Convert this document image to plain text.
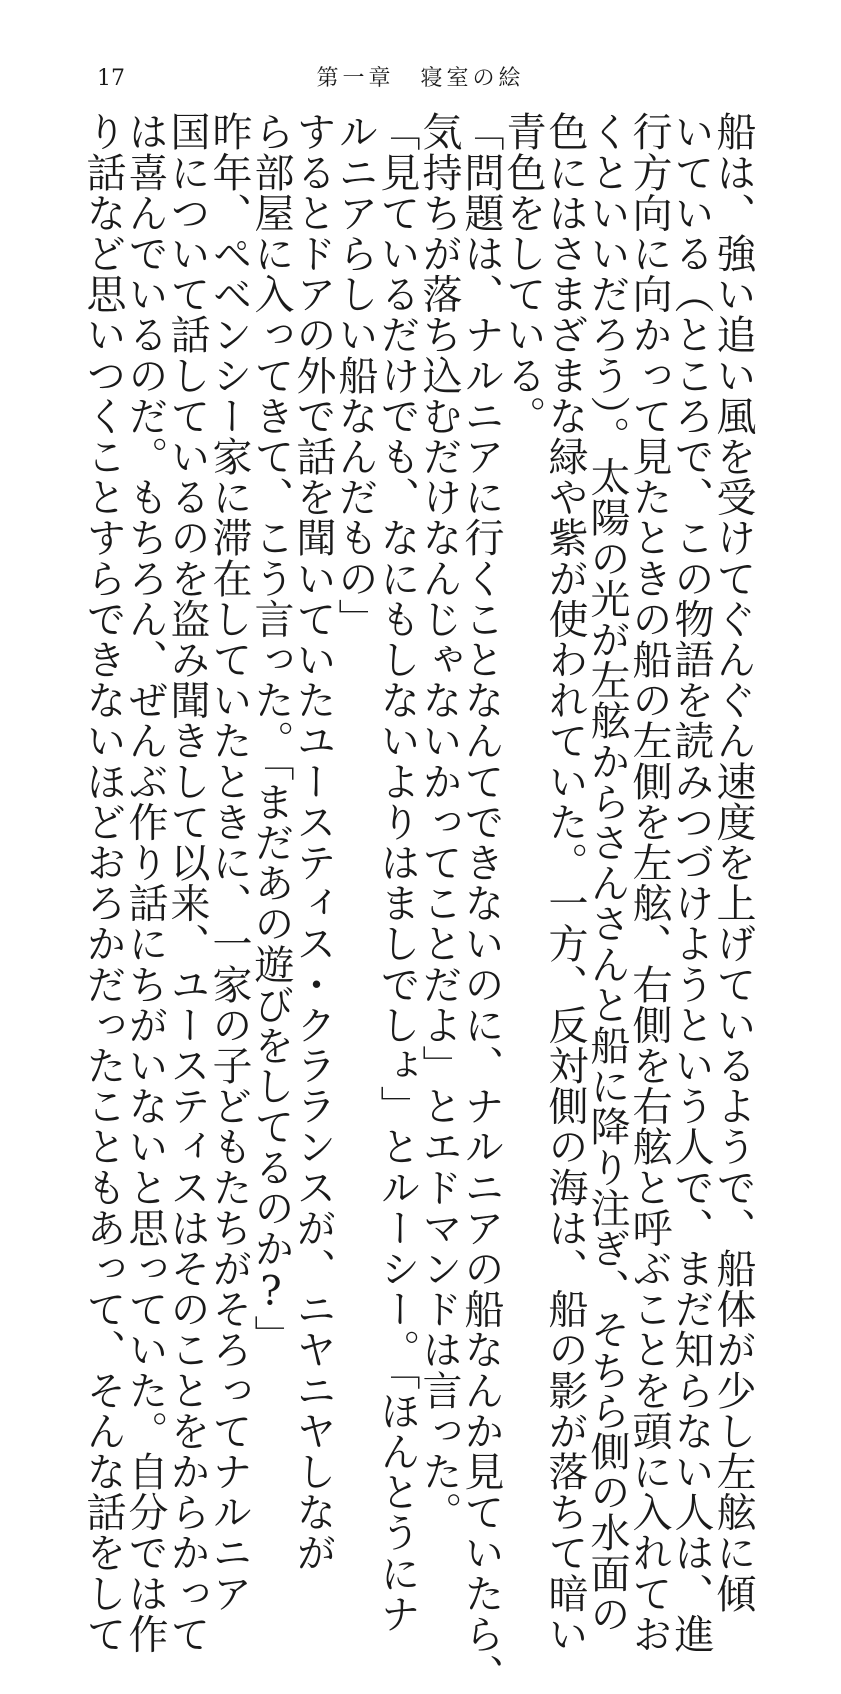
17	第一章　寝室の絵
船は、強い追い風を受けてぐんぐん速度を上げているようで、船体が少し左舷に傾
いている（ところで、この物語を読みつづけようという人で、まだ知らない人は、進
行方向に向かって見たときの船の左側を左舷、右側を右舷と呼ぶことを頭に入れてお
くといいだろう）。太陽の光が左舷からさんさんと船に降り注ぎ、そちら側の水面の
色にはさまざまな緑や紫が使われていた。一方、反対側の海は、船の影が落ちて暗い
青色をしている。
「問題は、ナルニアに行くことなんてできないのに、ナルニアの船なんか見ていたら、
気持ちが落ち込むだけなんじゃないかってことだよ」とエドマンドは言った。
「見ているだけでも、なにもしないよりはましでしょ」とルーシー。「ほんとうにナ
ルニアらしい船なんだもの」
するとドアの外で話を聞いていたユースティス・クラランスが、ニヤニヤしなが
ら部屋に入ってきて、こう言った。「まだあの遊びをしてるのか?」
昨年、ペベンシー家に滞在していたときに、一家の子どもたちがそろってナルニア
国について話しているのを盗み聞きして以来、ユースティスはそのことをからかって
は喜んでいるのだ。もちろん、ぜんぶ作り話にちがいないと思っていた。自分では作
り話など思いつくことすらできないほどおろかだったこともあって、そんな話をして
